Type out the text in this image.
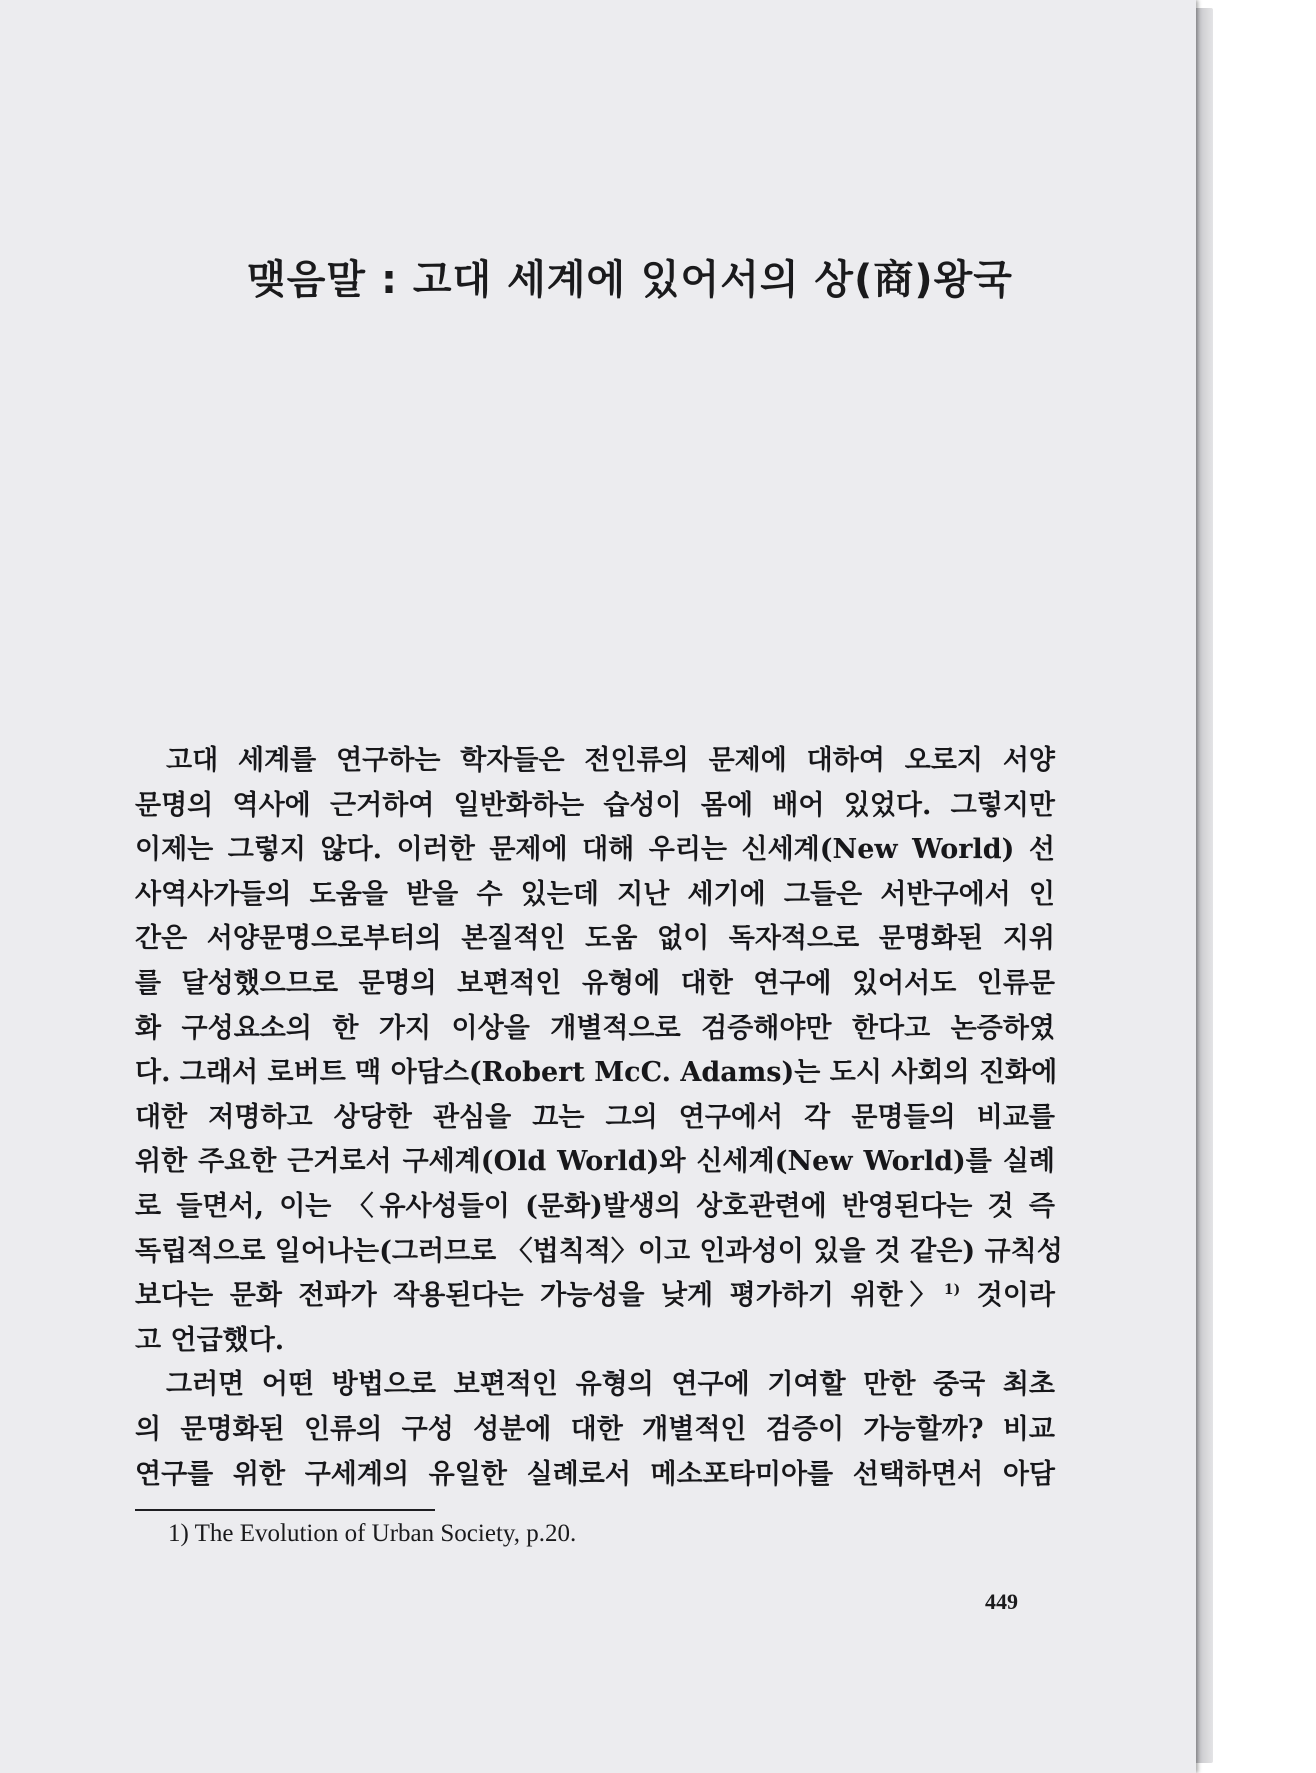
맺음말 : 고대 세계에 있어서의 상(商)왕국
고대 세계를 연구하는 학자들은 전인류의 문제에 대하여 오로지 서양
문명의 역사에 근거하여 일반화하는 습성이 몸에 배어 있었다. 그렇지만
이제는 그렇지 않다. 이러한 문제에 대해 우리는 신세계(New World) 선
사역사가들의 도움을 받을 수 있는데 지난 세기에 그들은 서반구에서 인
간은 서양문명으로부터의 본질적인 도움 없이 독자적으로 문명화된 지위
를 달성했으므로 문명의 보편적인 유형에 대한 연구에 있어서도 인류문
화 구성요소의 한 가지 이상을 개별적으로 검증해야만 한다고 논증하였
다. 그래서 로버트 맥 아담스(Robert McC. Adams)는 도시 사회의 진화에
대한 저명하고 상당한 관심을 끄는 그의 연구에서 각 문명들의 비교를
위한 주요한 근거로서 구세계(Old World)와 신세계(New World)를 실례
로 들면서, 이는 〈유사성들이 (문화)발생의 상호관련에 반영된다는 것 즉
독립적으로 일어나는(그러므로 〈법칙적〉이고 인과성이 있을 것 같은) 규칙성
보다는 문화 전파가 작용된다는 가능성을 낮게 평가하기 위한〉$^{1)}$ 것이라
고 언급했다.
그러면 어떤 방법으로 보편적인 유형의 연구에 기여할 만한 중국 최초
의 문명화된 인류의 구성 성분에 대한 개별적인 검증이 가능할까? 비교
연구를 위한 구세계의 유일한 실례로서 메소포타미아를 선택하면서 아담
1) The Evolution of Urban Society, p.20.
449
